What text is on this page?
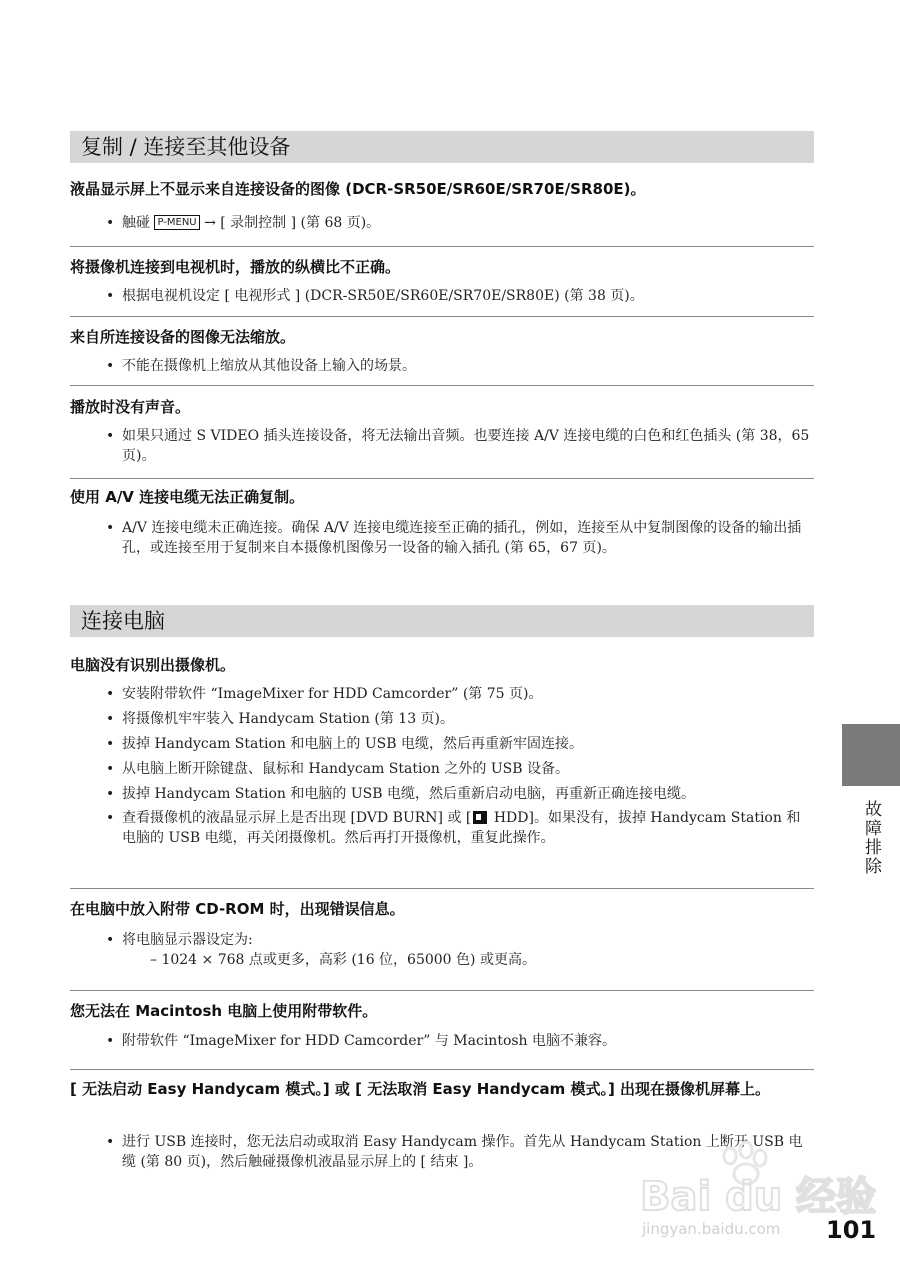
复制 / 连接至其他设备
液晶显示屏上不显示来自连接设备的图像 (DCR-SR50E/SR60E/SR70E/SR80E)。
• 触碰 P-MENU → [ 录制控制 ] (第 68 页)。
将摄像机连接到电视机时，播放的纵横比不正确。
• 根据电视机设定 [ 电视形式 ] (DCR-SR50E/SR60E/SR70E/SR80E) (第 38 页)。
来自所连接设备的图像无法缩放。
• 不能在摄像机上缩放从其他设备上输入的场景。
播放时没有声音。
• 如果只通过 S VIDEO 插头连接设备，将无法输出音频。也要连接 A/V 连接电缆的白色和红色插头 (第 38，65 页)。
使用 A/V 连接电缆无法正确复制。
• A/V 连接电缆未正确连接。确保 A/V 连接电缆连接至正确的插孔，例如，连接至从中复制图像的设备的输出插孔，或连接至用于复制来自本摄像机图像另一设备的输入插孔 (第 65，67 页)。
连接电脑
电脑没有识别出摄像机。
• 安装附带软件 “ImageMixer for HDD Camcorder” (第 75 页)。
• 将摄像机牢牢装入 Handycam Station (第 13 页)。
• 拔掉 Handycam Station 和电脑上的 USB 电缆，然后再重新牢固连接。
• 从电脑上断开除键盘、鼠标和 Handycam Station 之外的 USB 设备。
• 拔掉 Handycam Station 和电脑的 USB 电缆，然后重新启动电脑，再重新正确连接电缆。
• 查看摄像机的液晶显示屏上是否出现 [DVD BURN] 或 [ HDD]。如果没有，拔掉 Handycam Station 和电脑的 USB 电缆，再关闭摄像机。然后再打开摄像机，重复此操作。
在电脑中放入附带 CD-ROM 时，出现错误信息。
• 将电脑显示器设定为:
– 1024 × 768 点或更多，高彩 (16 位，65000 色) 或更高。
您无法在 Macintosh 电脑上使用附带软件。
• 附带软件 “ImageMixer for HDD Camcorder” 与 Macintosh 电脑不兼容。
[ 无法启动 Easy Handycam 模式。] 或 [ 无法取消 Easy Handycam 模式。] 出现在摄像机屏幕上。
• 进行 USB 连接时，您无法启动或取消 Easy Handycam 操作。首先从 Handycam Station 上断开 USB 电缆 (第 80 页)，然后触碰摄像机液晶显示屏上的 [ 结束 ]。
故障排除
Bai du 经验
jingyan.baidu.com 101
